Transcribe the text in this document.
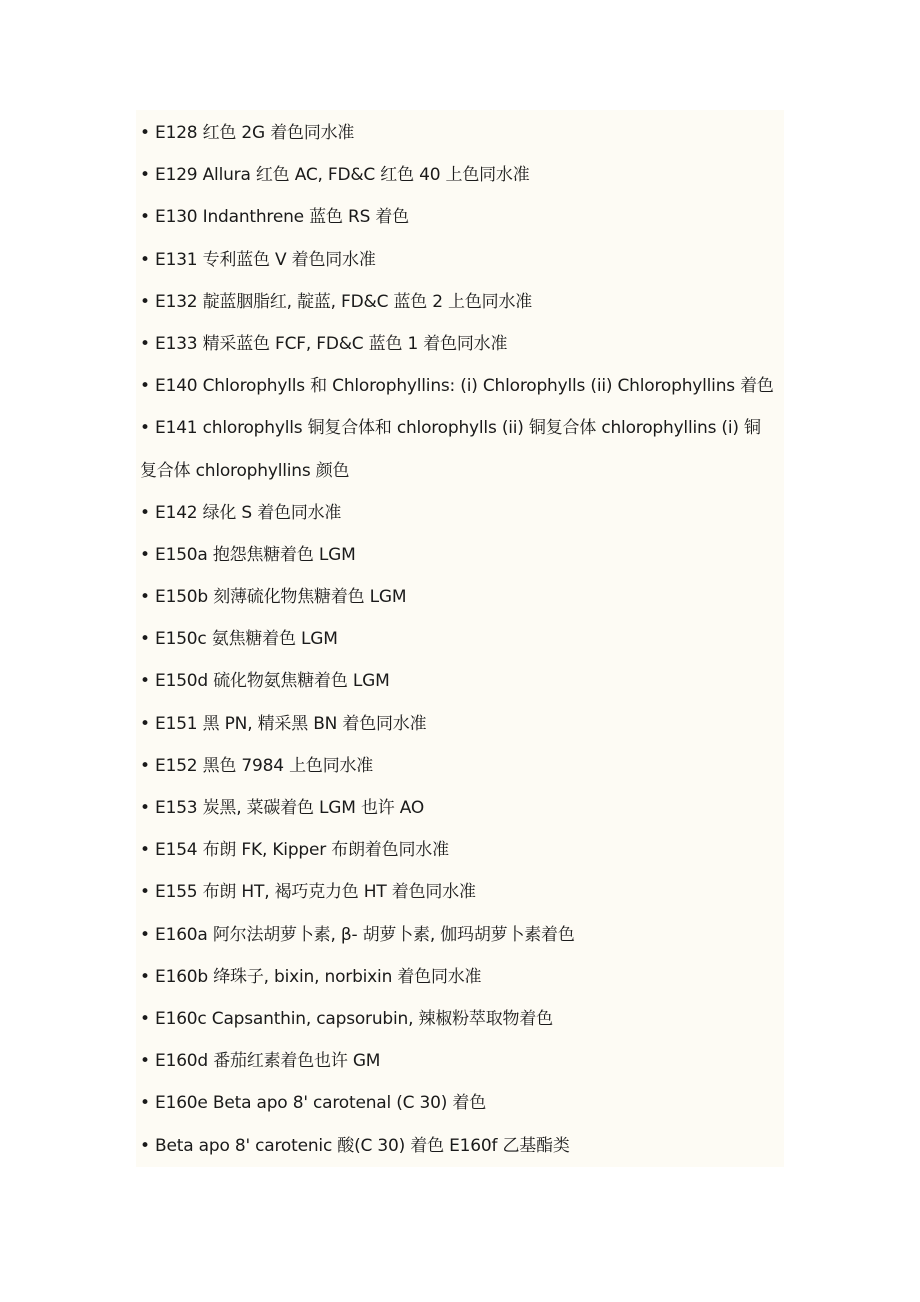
• E128 红色 2G 着色同水准
• E129 Allura 红色 AC, FD&C 红色 40 上色同水准
• E130 Indanthrene 蓝色 RS 着色
• E131 专利蓝色 V 着色同水准
• E132 靛蓝胭脂红, 靛蓝, FD&C 蓝色 2 上色同水准
• E133 精采蓝色 FCF, FD&C 蓝色 1 着色同水准
• E140 Chlorophylls 和 Chlorophyllins: (i) Chlorophylls (ii) Chlorophyllins 着色
• E141 chlorophylls 铜复合体和 chlorophylls (ii) 铜复合体 chlorophyllins (i) 铜
复合体 chlorophyllins 颜色
• E142 绿化 S 着色同水准
• E150a 抱怨焦糖着色 LGM
• E150b 刻薄硫化物焦糖着色 LGM
• E150c 氨焦糖着色 LGM
• E150d 硫化物氨焦糖着色 LGM
• E151 黑 PN, 精采黑 BN 着色同水准
• E152 黑色 7984 上色同水准
• E153 炭黑, 菜碳着色 LGM 也许 AO
• E154 布朗 FK, Kipper 布朗着色同水准
• E155 布朗 HT, 褐巧克力色 HT 着色同水准
• E160a 阿尔法胡萝卜素, β- 胡萝卜素, 伽玛胡萝卜素着色
• E160b 绛珠子, bixin, norbixin 着色同水准
• E160c Capsanthin, capsorubin, 辣椒粉萃取物着色
• E160d 番茄红素着色也许 GM
• E160e Beta apo 8' carotenal (C 30) 着色
• Beta apo 8' carotenic 酸(C 30) 着色 E160f 乙基酯类
